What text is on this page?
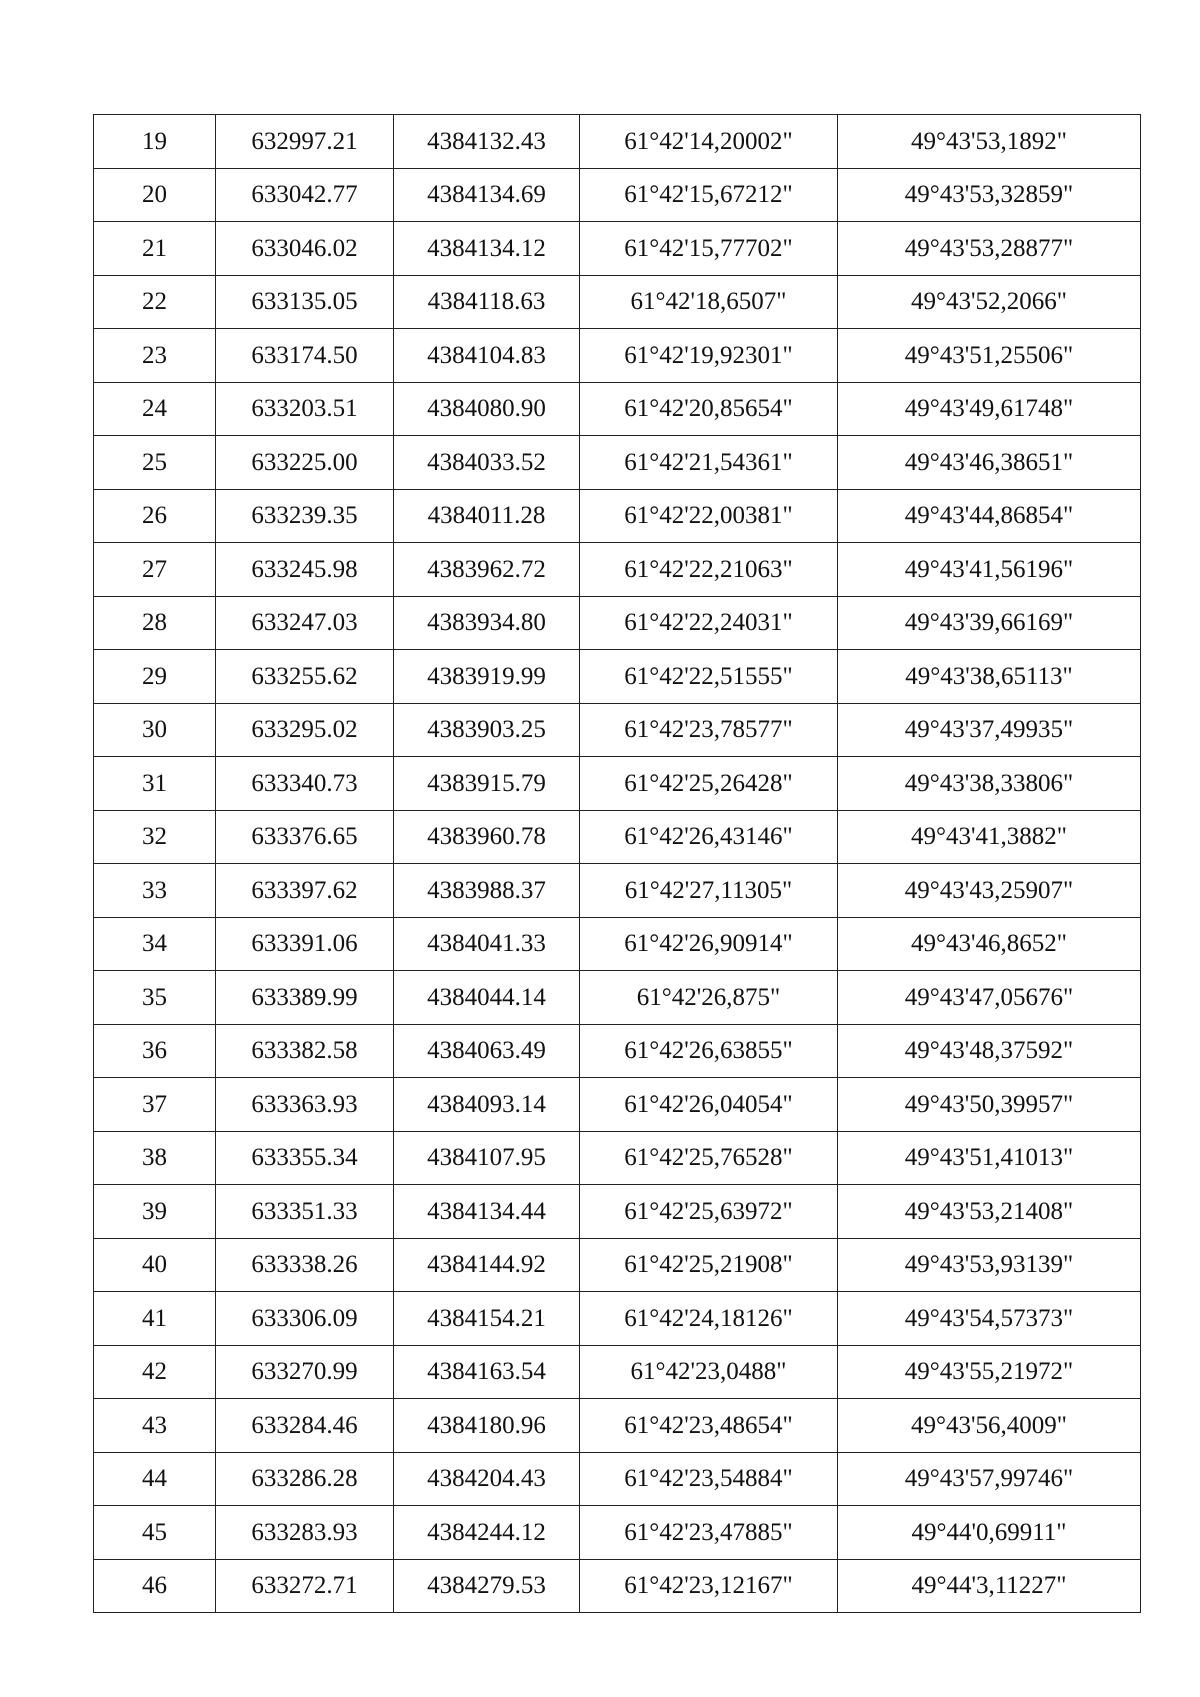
19	632997.21	4384132.43	61°42'14,20002"	49°43'53,1892"
20	633042.77	4384134.69	61°42'15,67212"	49°43'53,32859"
21	633046.02	4384134.12	61°42'15,77702"	49°43'53,28877"
22	633135.05	4384118.63	61°42'18,6507"	49°43'52,2066"
23	633174.50	4384104.83	61°42'19,92301"	49°43'51,25506"
24	633203.51	4384080.90	61°42'20,85654"	49°43'49,61748"
25	633225.00	4384033.52	61°42'21,54361"	49°43'46,38651"
26	633239.35	4384011.28	61°42'22,00381"	49°43'44,86854"
27	633245.98	4383962.72	61°42'22,21063"	49°43'41,56196"
28	633247.03	4383934.80	61°42'22,24031"	49°43'39,66169"
29	633255.62	4383919.99	61°42'22,51555"	49°43'38,65113"
30	633295.02	4383903.25	61°42'23,78577"	49°43'37,49935"
31	633340.73	4383915.79	61°42'25,26428"	49°43'38,33806"
32	633376.65	4383960.78	61°42'26,43146"	49°43'41,3882"
33	633397.62	4383988.37	61°42'27,11305"	49°43'43,25907"
34	633391.06	4384041.33	61°42'26,90914"	49°43'46,8652"
35	633389.99	4384044.14	61°42'26,875"	49°43'47,05676"
36	633382.58	4384063.49	61°42'26,63855"	49°43'48,37592"
37	633363.93	4384093.14	61°42'26,04054"	49°43'50,39957"
38	633355.34	4384107.95	61°42'25,76528"	49°43'51,41013"
39	633351.33	4384134.44	61°42'25,63972"	49°43'53,21408"
40	633338.26	4384144.92	61°42'25,21908"	49°43'53,93139"
41	633306.09	4384154.21	61°42'24,18126"	49°43'54,57373"
42	633270.99	4384163.54	61°42'23,0488"	49°43'55,21972"
43	633284.46	4384180.96	61°42'23,48654"	49°43'56,4009"
44	633286.28	4384204.43	61°42'23,54884"	49°43'57,99746"
45	633283.93	4384244.12	61°42'23,47885"	49°44'0,69911"
46	633272.71	4384279.53	61°42'23,12167"	49°44'3,11227"
